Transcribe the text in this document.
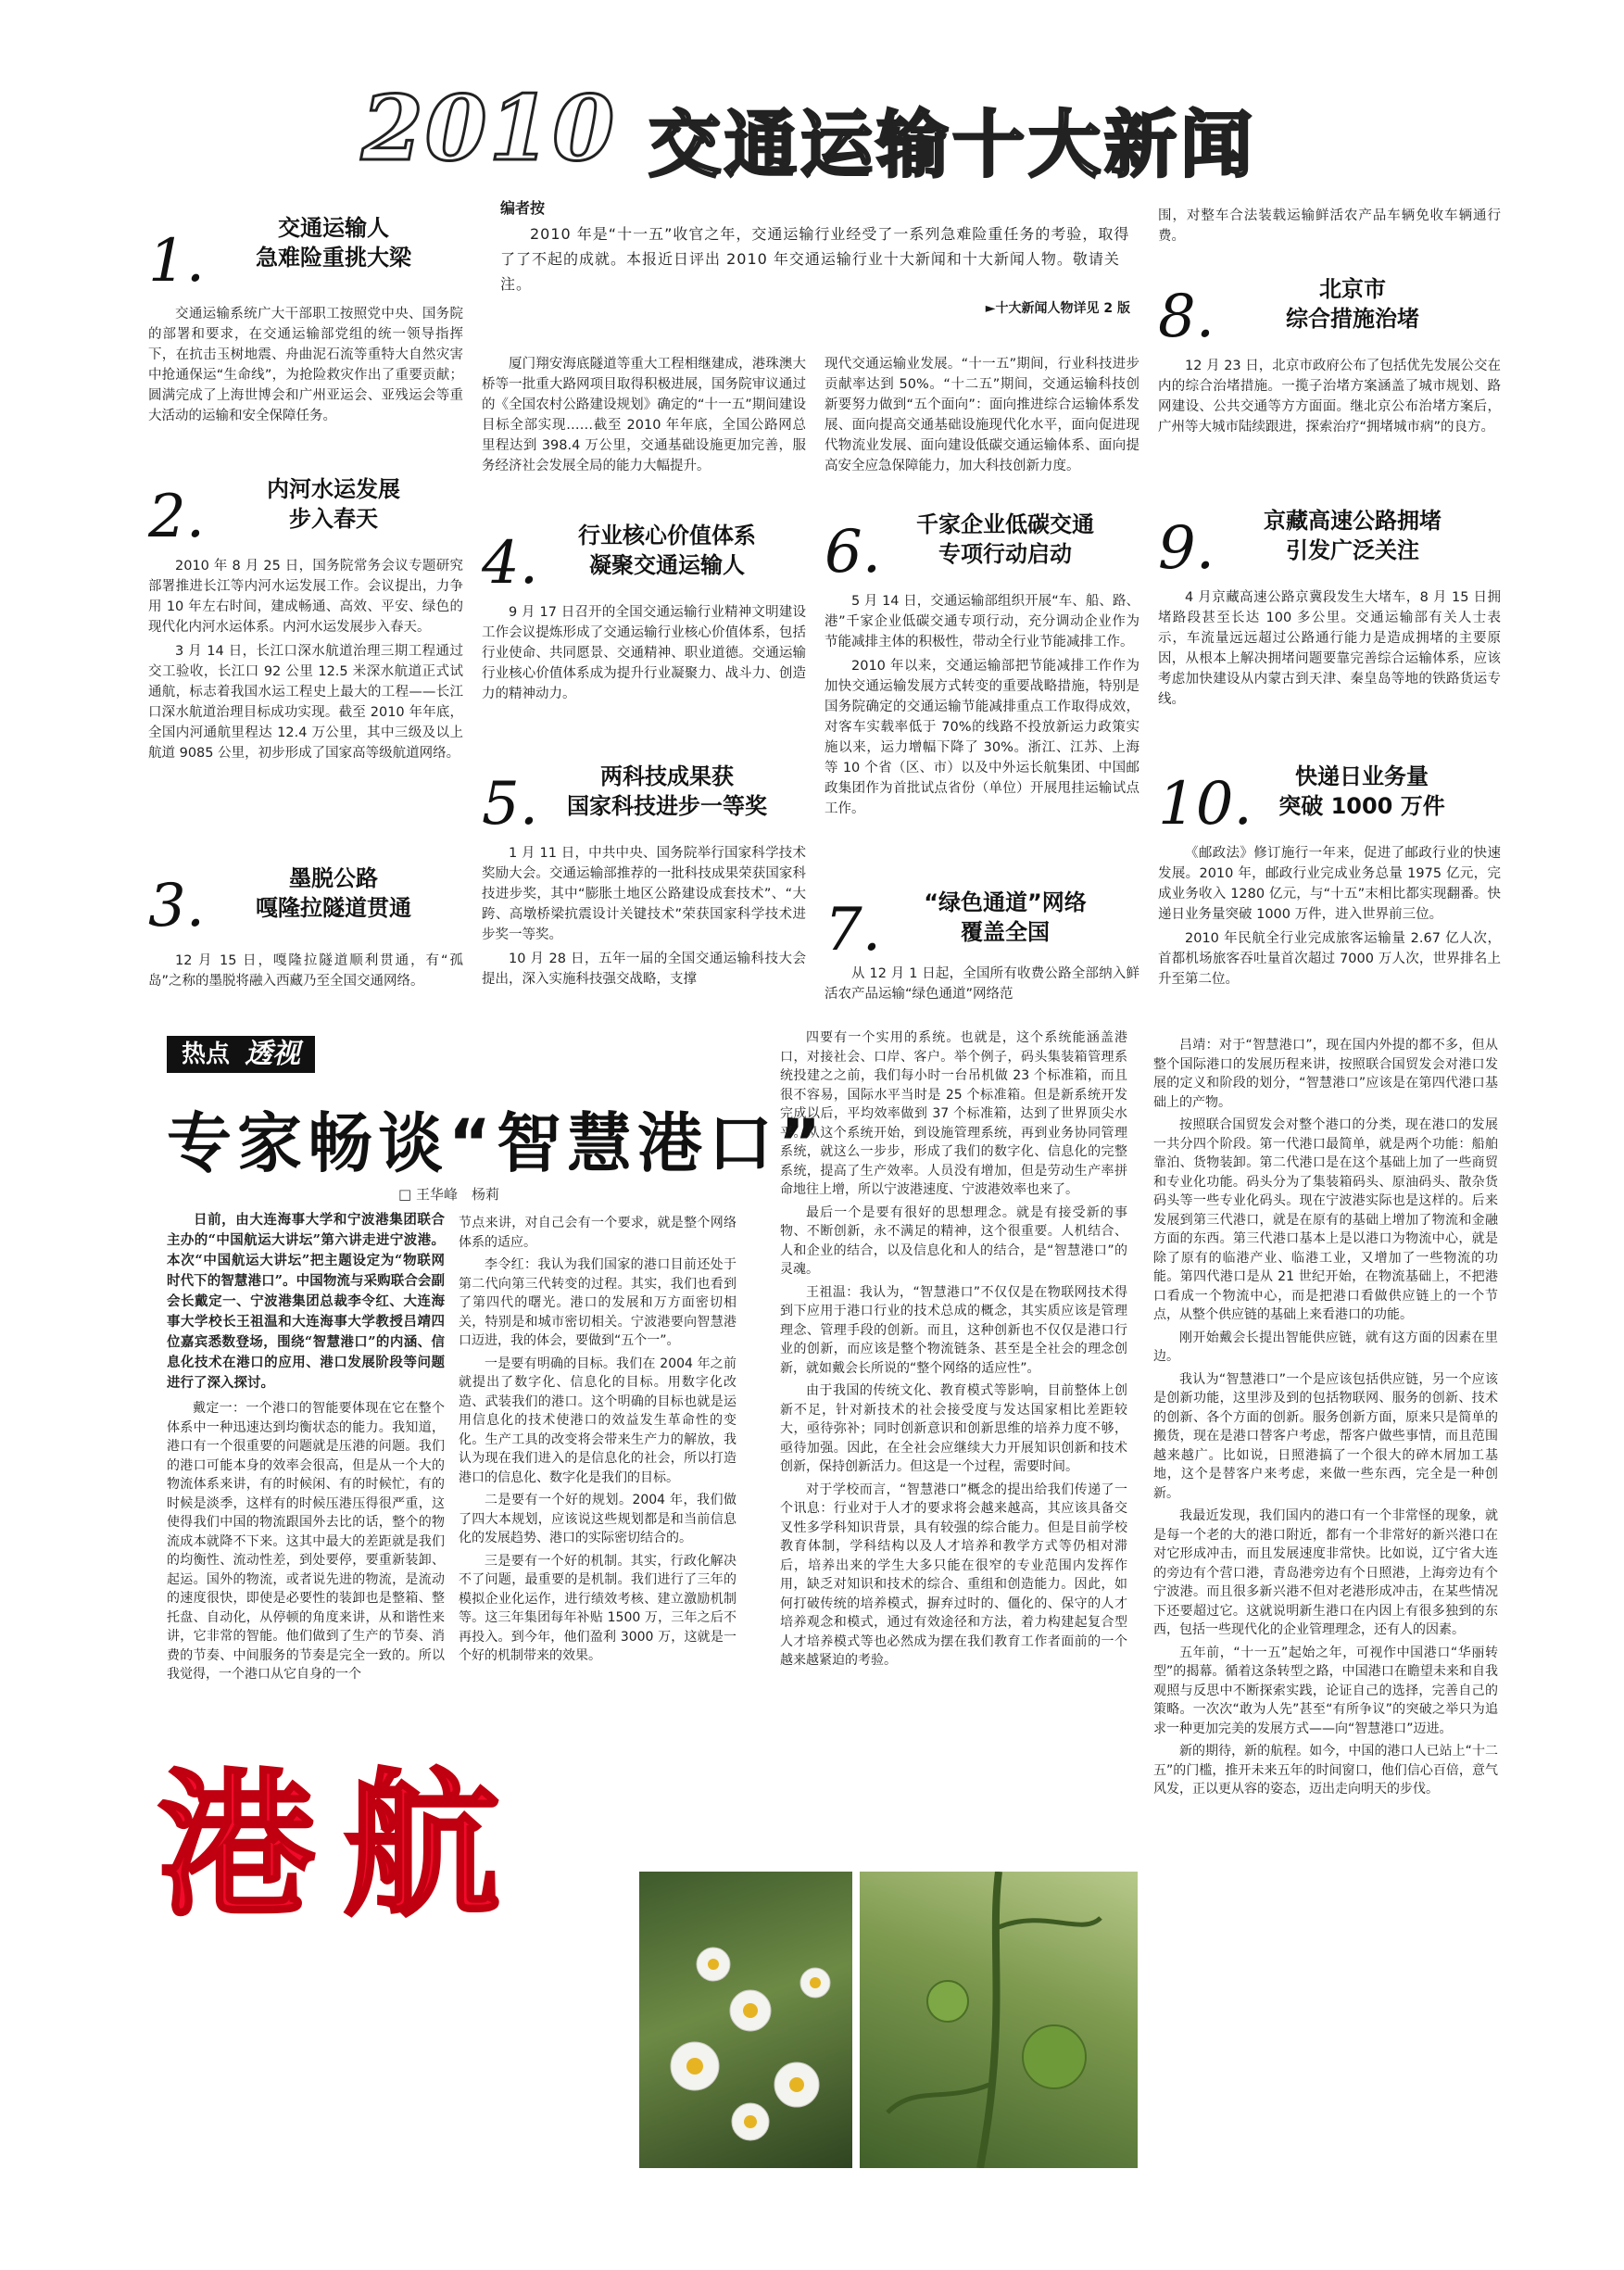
2010 交通运输十大新闻
编者按
2010 年是“十一五”收官之年，交通运输行业经受了一系列急难险重任务的考验，取得了了不起的成就。本报近日评出 2010 年交通运输行业十大新闻和十大新闻人物。敬请关注。
►十大新闻人物详见 2 版
1.	交通运输人
急难险重挑大梁

交通运输系统广大干部职工按照党中央、国务院的部署和要求，在交通运输部党组的统一领导指挥下，在抗击玉树地震、舟曲泥石流等重特大自然灾害中抢通保运“生命线”，为抢险救灾作出了重要贡献；圆满完成了上海世博会和广州亚运会、亚残运会等重大活动的运输和安全保障任务。

2.	内河水运发展
步入春天

2010 年 8 月 25 日，国务院常务会议专题研究部署推进长江等内河水运发展工作。会议提出，力争用 10 年左右时间，建成畅通、高效、平安、绿色的现代化内河水运体系。内河水运发展步入春天。

3 月 14 日，长江口深水航道治理三期工程通过交工验收，长江口 92 公里 12.5 米深水航道正式试通航，标志着我国水运工程史上最大的工程——长江口深水航道治理目标成功实现。截至 2010 年年底，全国内河通航里程达 12.4 万公里，其中三级及以上航道 9085 公里，初步形成了国家高等级航道网络。

3.	墨脱公路
嘎隆拉隧道贯通

12 月 15 日，嘎隆拉隧道顺利贯通，有“孤岛”之称的墨脱将融入西藏乃至全国交通网络。

厦门翔安海底隧道等重大工程相继建成，港珠澳大桥等一批重大路网项目取得积极进展，国务院审议通过的《全国农村公路建设规划》确定的“十一五”期间建设目标全部实现……截至 2010 年年底，全国公路网总里程达到 398.4 万公里，交通基础设施更加完善，服务经济社会发展全局的能力大幅提升。

4.	行业核心价值体系
凝聚交通运输人

9 月 17 日召开的全国交通运输行业精神文明建设工作会议提炼形成了交通运输行业核心价值体系，包括行业使命、共同愿景、交通精神、职业道德。交通运输行业核心价值体系成为提升行业凝聚力、战斗力、创造力的精神动力。

5.	两科技成果获
国家科技进步一等奖

1 月 11 日，中共中央、国务院举行国家科学技术奖励大会。交通运输部推荐的一批科技成果荣获国家科技进步奖，其中“膨胀土地区公路建设成套技术”、“大跨、高墩桥梁抗震设计关键技术”荣获国家科学技术进步奖一等奖。

10 月 28 日，五年一届的全国交通运输科技大会提出，深入实施科技强交战略，支撑

现代交通运输业发展。“十一五”期间，行业科技进步贡献率达到 50%。“十二五”期间，交通运输科技创新要努力做到“五个面向”：面向推进综合运输体系发展、面向提高交通基础设施现代化水平，面向促进现代物流业发展、面向建设低碳交通运输体系、面向提高安全应急保障能力，加大科技创新力度。

6.	千家企业低碳交通
专项行动启动

5 月 14 日，交通运输部组织开展“车、船、路、港”千家企业低碳交通专项行动，充分调动企业作为节能减排主体的积极性，带动全行业节能减排工作。

2010 年以来，交通运输部把节能减排工作作为加快交通运输发展方式转变的重要战略措施，特别是国务院确定的交通运输节能减排重点工作取得成效，对客车实载率低于 70%的线路不投放新运力政策实施以来，运力增幅下降了 30%。浙江、江苏、上海等 10 个省（区、市）以及中外运长航集团、中国邮政集团作为首批试点省份（单位）开展甩挂运输试点工作。

7.	“绿色通道”网络
覆盖全国

从 12 月 1 日起，全国所有收费公路全部纳入鲜活农产品运输“绿色通道”网络范

围，对整车合法装载运输鲜活农产品车辆免收车辆通行费。

8.	北京市
综合措施治堵

12 月 23 日，北京市政府公布了包括优先发展公交在内的综合治堵措施。一揽子治堵方案涵盖了城市规划、路网建设、公共交通等方方面面。继北京公布治堵方案后，广州等大城市陆续跟进，探索治疗“拥堵城市病”的良方。

9.	京藏高速公路拥堵
引发广泛关注

4 月京藏高速公路京冀段发生大堵车，8 月 15 日拥堵路段甚至长达 100 多公里。交通运输部有关人士表示，车流量远远超过公路通行能力是造成拥堵的主要原因，从根本上解决拥堵问题要靠完善综合运输体系，应该考虑加快建设从内蒙古到天津、秦皇岛等地的铁路货运专线。

10.	快递日业务量
突破 1000 万件

《邮政法》修订施行一年来，促进了邮政行业的快速发展。2010 年，邮政行业完成业务总量 1975 亿元，完成业务收入 1280 亿元，与“十五”末相比都实现翻番。快递日业务量突破 1000 万件，进入世界前三位。

2010 年民航全行业完成旅客运输量 2.67 亿人次，首都机场旅客吞吐量首次超过 7000 万人次，世界排名上升至第二位。

热点 透视
专家畅谈“智慧港口”
□ 王华峰　杨莉
日前，由大连海事大学和宁波港集团联合主办的“中国航运大讲坛”第六讲走进宁波港。本次“中国航运大讲坛”把主题设定为“物联网时代下的智慧港口”。中国物流与采购联合会副会长戴定一、宁波港集团总裁李令红、大连海事大学校长王祖温和大连海事大学教授吕靖四位嘉宾悉数登场，围绕“智慧港口”的内涵、信息化技术在港口的应用、港口发展阶段等问题进行了深入探讨。

戴定一：一个港口的智能要体现在它在整个体系中一种迅速达到均衡状态的能力。我知道，港口有一个很重要的问题就是压港的问题。我们的港口可能本身的效率会很高，但是从一个大的物流体系来讲，有的时候闲、有的时候忙，有的时候是淡季，这样有的时候压港压得很严重，这使得我们中国的物流跟国外去比的话，整个的物流成本就降不下来。这其中最大的差距就是我们的均衡性、流动性差，到处要停，要重新装卸、起运。国外的物流，或者说先进的物流，是流动的速度很快，即使是必要性的装卸也是整箱、整托盘、自动化，从停顿的角度来讲，从和谐性来讲，它非常的智能。他们做到了生产的节奏、消费的节奏、中间服务的节奏是完全一致的。所以我觉得，一个港口从它自身的一个

节点来讲，对自己会有一个要求，就是整个网络体系的适应。

李令红：我认为我们国家的港口目前还处于第二代向第三代转变的过程。其实，我们也看到了第四代的曙光。港口的发展和万方面密切相关，特别是和城市密切相关。宁波港要向智慧港口迈进，我的体会，要做到“五个一”。

一是要有明确的目标。我们在 2004 年之前就提出了数字化、信息化的目标。用数字化改造、武装我们的港口。这个明确的目标也就是运用信息化的技术使港口的效益发生革命性的变化。生产工具的改变将会带来生产力的解放，我认为现在我们进入的是信息化的社会，所以打造港口的信息化、数字化是我们的目标。

二是要有一个好的规划。2004 年，我们做了四大本规划，应该说这些规划都是和当前信息化的发展趋势、港口的实际密切结合的。

三是要有一个好的机制。其实，行政化解决不了问题，最重要的是机制。我们进行了三年的模拟企业化运作，进行绩效考核、建立激励机制等。这三年集团每年补贴 1500 万，三年之后不再投入。到今年，他们盈利 3000 万，这就是一个好的机制带来的效果。

四要有一个实用的系统。也就是，这个系统能涵盖港口，对接社会、口岸、客户。举个例子，码头集装箱管理系统投建之之前，我们每小时一台吊机做 23 个标准箱，而且很不容易，国际水平当时是 25 个标准箱。但是新系统开发完成以后，平均效率做到 37 个标准箱，达到了世界顶尖水平。从这个系统开始，到设施管理系统，再到业务协同管理系统，就这么一步步，形成了我们的数字化、信息化的完整系统，提高了生产效率。人员没有增加，但是劳动生产率拼命地往上增，所以宁波港速度、宁波港效率也来了。

最后一个是要有很好的思想理念。就是有接受新的事物、不断创新，永不满足的精神，这个很重要。人机结合、人和企业的结合，以及信息化和人的结合，是“智慧港口”的灵魂。

王祖温：我认为，“智慧港口”不仅仅是在物联网技术得到下应用于港口行业的技术总成的概念，其实质应该是管理理念、管理手段的创新。而且，这种创新也不仅仅是港口行业的创新，而应该是整个物流链条、甚至是全社会的理念创新，就如戴会长所说的“整个网络的适应性”。

由于我国的传统文化、教育模式等影响，目前整体上创新不足，针对新技术的社会接受度与发达国家相比差距较大，亟待弥补；同时创新意识和创新思维的培养力度不够，亟待加强。因此，在全社会应继续大力开展知识创新和技术创新，保持创新活力。但这是一个过程，需要时间。

对于学校而言，“智慧港口”概念的提出给我们传递了一个讯息：行业对于人才的要求将会越来越高，其应该具备交叉性多学科知识背景，具有较强的综合能力。但是目前学校教育体制，学科结构以及人才培养和教学方式等仍相对滞后，培养出来的学生大多只能在很窄的专业范围内发挥作用，缺乏对知识和技术的综合、重组和创造能力。因此，如何打破传统的培养模式，摒弃过时的、僵化的、保守的人才培养观念和模式，通过有效途径和方法，着力构建起复合型人才培养模式等也必然成为摆在我们教育工作者面前的一个越来越紧迫的考验。

吕靖：对于“智慧港口”，现在国内外提的都不多，但从整个国际港口的发展历程来讲，按照联合国贸发会对港口发展的定义和阶段的划分，“智慧港口”应该是在第四代港口基础上的产物。

按照联合国贸发会对整个港口的分类，现在港口的发展一共分四个阶段。第一代港口最简单，就是两个功能：船舶靠泊、货物装卸。第二代港口是在这个基础上加了一些商贸和专业化功能。码头分为了集装箱码头、原油码头、散杂货码头等一些专业化码头。现在宁波港实际也是这样的。后来发展到第三代港口，就是在原有的基础上增加了物流和金融方面的东西。第三代港口基本上是以港口为物流中心，就是除了原有的临港产业、临港工业，又增加了一些物流的功能。第四代港口是从 21 世纪开始，在物流基础上，不把港口看成一个物流中心，而是把港口看做供应链上的一个节点，从整个供应链的基础上来看港口的功能。

刚开始戴会长提出智能供应链，就有这方面的因素在里边。

我认为“智慧港口”一个是应该包括供应链，另一个应该是创新功能，这里涉及到的包括物联网、服务的创新、技术的创新、各个方面的创新。服务创新方面，原来只是简单的搬货，现在是港口替客户考虑，帮客户做些事情，而且范围越来越广。比如说，日照港搞了一个很大的碎木屑加工基地，这个是替客户来考虑，来做一些东西，完全是一种创新。

我最近发现，我们国内的港口有一个非常怪的现象，就是每一个老的大的港口附近，都有一个非常好的新兴港口在对它形成冲击，而且发展速度非常快。比如说，辽宁省大连的旁边有个营口港，青岛港旁边有个日照港，上海旁边有个宁波港。而且很多新兴港不但对老港形成冲击，在某些情况下还要超过它。这就说明新生港口在内因上有很多独到的东西，包括一些现代化的企业管理理念，还有人的因素。

五年前，“十一五”起始之年，可视作中国港口“华丽转型”的揭幕。循着这条转型之路，中国港口在瞻望未来和自我观照与反思中不断探索实践，论证自己的选择，完善自己的策略。一次次“敢为人先”甚至“有所争议”的突破之举只为追求一种更加完美的发展方式——向“智慧港口”迈进。

新的期待，新的航程。如今，中国的港口人已站上“十二五”的门槛，推开未来五年的时间窗口，他们信心百倍，意气风发，正以更从容的姿态，迈出走向明天的步伐。

港航
